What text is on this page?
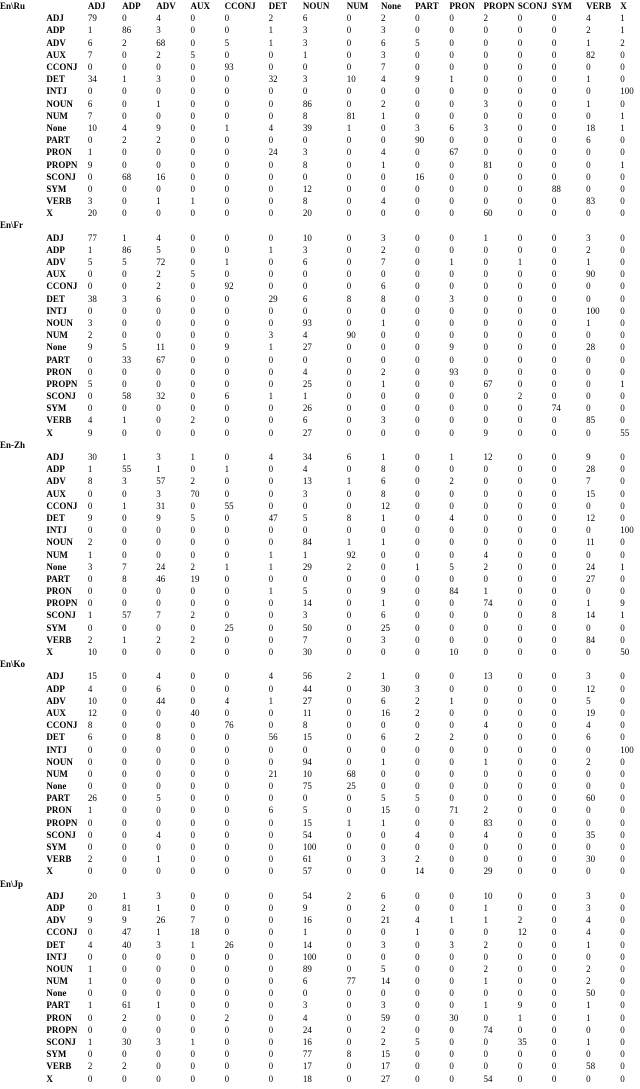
En\Ru		ADJ	ADP	ADV	AUX	CCONJ	DET	NOUN	NUM	None	PART	PRON	PROPN	SCONJ	SYM	VERB	X
	ADJ	79	0	4	0	0	2	6	0	2	0	0	2	0	0	4	1
	ADP	1	86	3	0	0	1	3	0	3	0	0	0	0	0	2	1
	ADV	6	2	68	0	5	1	3	0	6	5	0	0	0	0	1	2
	AUX	7	0	2	5	0	0	1	0	3	0	0	0	0	0	82	0
	CCONJ	0	0	0	0	93	0	0	0	7	0	0	0	0	0	0	0
	DET	34	1	3	0	0	32	3	10	4	9	1	0	0	0	1	0
	INTJ	0	0	0	0	0	0	0	0	0	0	0	0	0	0	0	100
	NOUN	6	0	1	0	0	0	86	0	2	0	0	3	0	0	1	0
	NUM	7	0	0	0	0	0	8	81	1	0	0	0	0	0	0	1
	None	10	4	9	0	1	4	39	1	0	3	6	3	0	0	18	1
	PART	0	2	2	0	0	0	0	0	0	90	0	0	0	0	6	0
	PRON	1	0	0	0	0	24	3	0	4	0	67	0	0	0	0	0
	PROPN	9	0	0	0	0	0	8	0	1	0	0	81	0	0	0	1
	SCONJ	0	68	16	0	0	0	0	0	0	16	0	0	0	0	0	0
	SYM	0	0	0	0	0	0	12	0	0	0	0	0	0	88	0	0
	VERB	3	0	1	1	0	0	8	0	4	0	0	0	0	0	83	0
	X	20	0	0	0	0	0	20	0	0	0	0	60	0	0	0	0
En\Fr																	
	ADJ	77	1	4	0	0	0	10	0	3	0	0	1	0	0	3	0
	ADP	1	86	5	0	0	1	3	0	2	0	0	0	0	0	2	0
	ADV	5	5	72	0	1	0	6	0	7	0	1	0	1	0	1	0
	AUX	0	0	2	5	0	0	0	0	0	0	0	0	0	0	90	0
	CCONJ	0	0	2	0	92	0	0	0	6	0	0	0	0	0	0	0
	DET	38	3	6	0	0	29	6	8	8	0	3	0	0	0	0	0
	INTJ	0	0	0	0	0	0	0	0	0	0	0	0	0	0	100	0
	NOUN	3	0	0	0	0	0	93	0	1	0	0	0	0	0	1	0
	NUM	2	0	0	0	0	3	4	90	0	0	0	0	0	0	0	0
	None	9	5	11	0	9	1	27	0	0	0	9	0	0	0	28	0
	PART	0	33	67	0	0	0	0	0	0	0	0	0	0	0	0	0
	PRON	0	0	0	0	0	0	4	0	2	0	93	0	0	0	0	0
	PROPN	5	0	0	0	0	0	25	0	1	0	0	67	0	0	0	1
	SCONJ	0	58	32	0	6	1	1	0	0	0	0	0	2	0	0	0
	SYM	0	0	0	0	0	0	26	0	0	0	0	0	0	74	0	0
	VERB	4	1	0	2	0	0	6	0	3	0	0	0	0	0	85	0
	X	9	0	0	0	0	0	27	0	0	0	0	9	0	0	0	55
En-Zh																	
	ADJ	30	1	3	1	0	4	34	6	1	0	1	12	0	0	9	0
	ADP	1	55	1	0	1	0	4	0	8	0	0	0	0	0	28	0
	ADV	8	3	57	2	0	0	13	1	6	0	2	0	0	0	7	0
	AUX	0	0	3	70	0	0	3	0	8	0	0	0	0	0	15	0
	CCONJ	0	1	31	0	55	0	0	0	12	0	0	0	0	0	0	0
	DET	9	0	9	5	0	47	5	8	1	0	4	0	0	0	12	0
	INTJ	0	0	0	0	0	0	0	0	0	0	0	0	0	0	0	100
	NOUN	2	0	0	0	0	0	84	1	1	0	0	0	0	0	11	0
	NUM	1	0	0	0	0	1	1	92	0	0	0	4	0	0	0	0
	None	3	7	24	2	1	1	29	2	0	1	5	2	0	0	24	1
	PART	0	8	46	19	0	0	0	0	0	0	0	0	0	0	27	0
	PRON	0	0	0	0	0	1	5	0	9	0	84	1	0	0	0	0
	PROPN	0	0	0	0	0	0	14	0	1	0	0	74	0	0	1	9
	SCONJ	1	57	7	2	0	0	3	0	6	0	0	0	0	8	14	1
	SYM	0	0	0	0	25	0	50	0	25	0	0	0	0	0	0	0
	VERB	2	1	2	2	0	0	7	0	3	0	0	0	0	0	84	0
	X	10	0	0	0	0	0	30	0	0	0	10	0	0	0	0	50
En\Ko																	
	ADJ	15	0	4	0	0	4	56	2	1	0	0	13	0	0	3	0
	ADP	4	0	6	0	0	0	44	0	30	3	0	0	0	0	12	0
	ADV	10	0	44	0	4	1	27	0	6	2	1	0	0	0	5	0
	AUX	12	0	0	40	0	0	11	0	16	2	0	0	0	0	19	0
	CCONJ	8	0	0	0	76	0	8	0	0	0	0	4	0	0	4	0
	DET	6	0	8	0	0	56	15	0	6	2	2	0	0	0	6	0
	INTJ	0	0	0	0	0	0	0	0	0	0	0	0	0	0	0	100
	NOUN	0	0	0	0	0	0	94	0	1	0	0	1	0	0	2	0
	NUM	0	0	0	0	0	21	10	68	0	0	0	0	0	0	0	0
	None	0	0	0	0	0	0	75	25	0	0	0	0	0	0	0	0
	PART	26	0	5	0	0	0	0	0	5	5	0	0	0	0	60	0
	PRON	1	0	0	0	0	6	5	0	15	0	71	2	0	0	0	0
	PROPN	0	0	0	0	0	0	15	1	1	0	0	83	0	0	0	0
	SCONJ	0	0	4	0	0	0	54	0	0	4	0	4	0	0	35	0
	SYM	0	0	0	0	0	0	100	0	0	0	0	0	0	0	0	0
	VERB	2	0	1	0	0	0	61	0	3	2	0	0	0	0	30	0
	X	0	0	0	0	0	0	57	0	0	14	0	29	0	0	0	0
En\Jp																	
	ADJ	20	1	3	0	0	0	54	2	6	0	0	10	0	0	3	0
	ADP	0	81	1	0	0	0	9	0	2	0	0	1	0	0	3	0
	ADV	9	9	26	7	0	0	16	0	21	4	1	1	2	0	4	0
	CCONJ	0	47	1	18	0	0	1	0	0	1	0	0	12	0	4	0
	DET	4	40	3	1	26	0	14	0	3	0	3	2	0	0	1	0
	INTJ	0	0	0	0	0	0	100	0	0	0	0	0	0	0	0	0
	NOUN	1	0	0	0	0	0	89	0	5	0	0	2	0	0	2	0
	NUM	1	0	0	0	0	0	6	77	14	0	0	1	0	0	2	0
	None	0	0	0	0	0	0	0	0	0	0	0	0	0	0	50	0
	PART	1	61	1	0	0	0	3	0	3	0	0	1	9	0	1	0
	PRON	0	2	0	0	2	0	4	0	59	0	30	0	1	0	1	0
	PROPN	0	0	0	0	0	0	24	0	2	0	0	74	0	0	0	0
	SCONJ	1	30	3	1	0	0	16	0	2	5	0	0	35	0	1	0
	SYM	0	0	0	0	0	0	77	8	15	0	0	0	0	0	0	0
	VERB	2	2	0	0	0	0	17	0	17	0	0	0	0	0	58	0
	X	0	0	0	0	0	0	18	0	27	0	0	54	0	0	0	0
